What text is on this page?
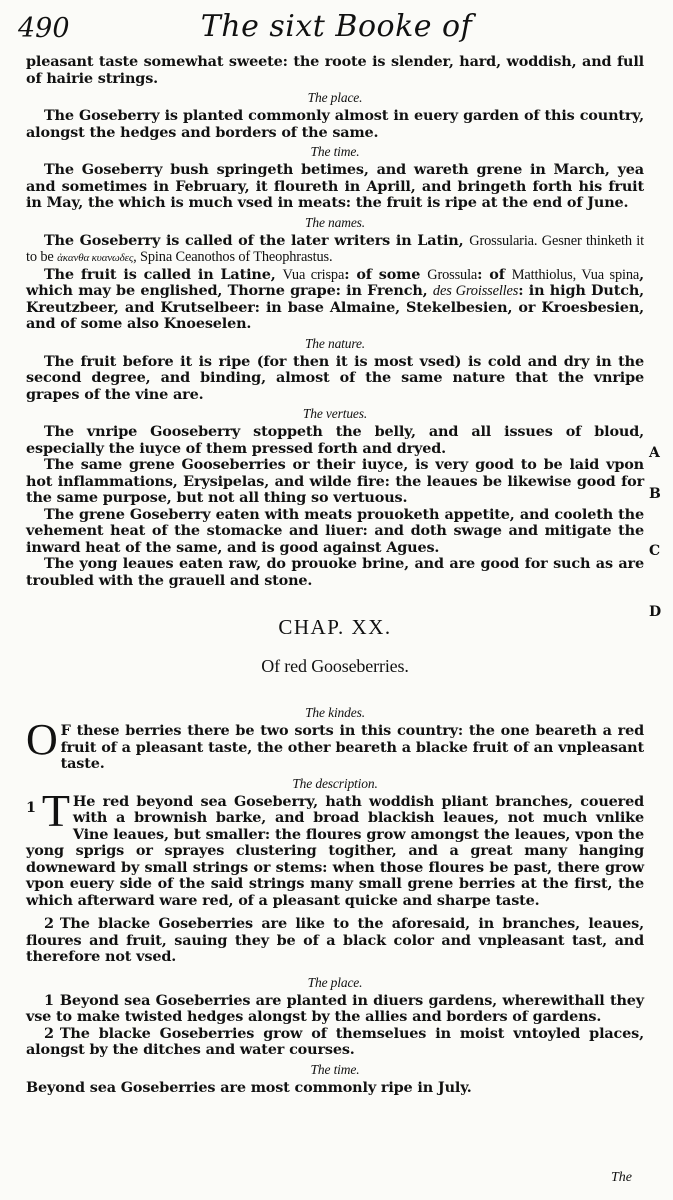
490	The sixt Booke of

pleasant taste somewhat sweete: the roote is slender, hard, woddish, and full of hairie strings.

The place.

The Goseberry is planted commonly almost in euery garden of this country, alongst the hedges and borders of the same.

The time.

The Goseberry bush springeth betimes, and wareth grene in March, yea and sometimes in February, it floureth in Aprill, and bringeth forth his fruit in May, the which is much vsed in meats: the fruit is ripe at the end of June.

The names.

The Goseberry is called of the later writers in Latin, Grossularia. Gesner thinketh it to be ἀκανθα κυανωδες, Spina Ceanothos of Theophrastus.

The fruit is called in Latine, Vua crispa: of some Grossula: of Matthiolus, Vua spina, which may be englished, Thorne grape: in French, des Groisselles: in high Dutch, Kreutzbeer, and Krutselbeer: in base Almaine, Stekelbesien, or Kroesbesien, and of some also Knoeselen.

The nature.

The fruit before it is ripe (for then it is most vsed) is cold and dry in the second degree, and binding, almost of the same nature that the vnripe grapes of the vine are.

The vertues.

The vnripe Gooseberry stoppeth the belly, and all issues of bloud, especially the iuyce of them pressed forth and dryed.

The same grene Gooseberries or their iuyce, is very good to be laid vpon hot inflammations, Erysipelas, and wilde fire: the leaues be likewise good for the same purpose, but not all thing so vertuous.

The grene Goseberry eaten with meats prouoketh appetite, and cooleth the vehement heat of the stomacke and liuer: and doth swage and mitigate the inward heat of the same, and is good against Agues.

The yong leaues eaten raw, do prouoke brine, and are good for such as are troubled with the grauell and stone.

CHAP. XX.
Of red Gooseberries.
The kindes.

O F these berries there be two sorts in this country: the one beareth a red fruit of a pleasant taste, the other beareth a blacke fruit of an vnpleasant taste.

The description.

1 T He red beyond sea Goseberry, hath woddish pliant branches, couered with a brownish barke, and broad blackish leaues, not much vnlike Vine leaues, but smaller: the floures grow amongst the leaues, vpon the yong sprigs or sprayes clustering togither, and a great many hanging downeward by small strings or stems: when those floures be past, there grow vpon euery side of the said strings many small grene berries at the first, the which afterward ware red, of a pleasant quicke and sharpe taste.

2 The blacke Goseberries are like to the aforesaid, in branches, leaues, floures and fruit, sauing they be of a black color and vnpleasant tast, and therefore not vsed.

The place.

1 Beyond sea Goseberries are planted in diuers gardens, wherewithall they vse to make twisted hedges alongst by the allies and borders of gardens.

2 The blacke Goseberries grow of themselues in moist vntoyled places, alongst by the ditches and water courses.

The time.

Beyond sea Goseberries are most commonly ripe in July.

A
B
C
D
The
